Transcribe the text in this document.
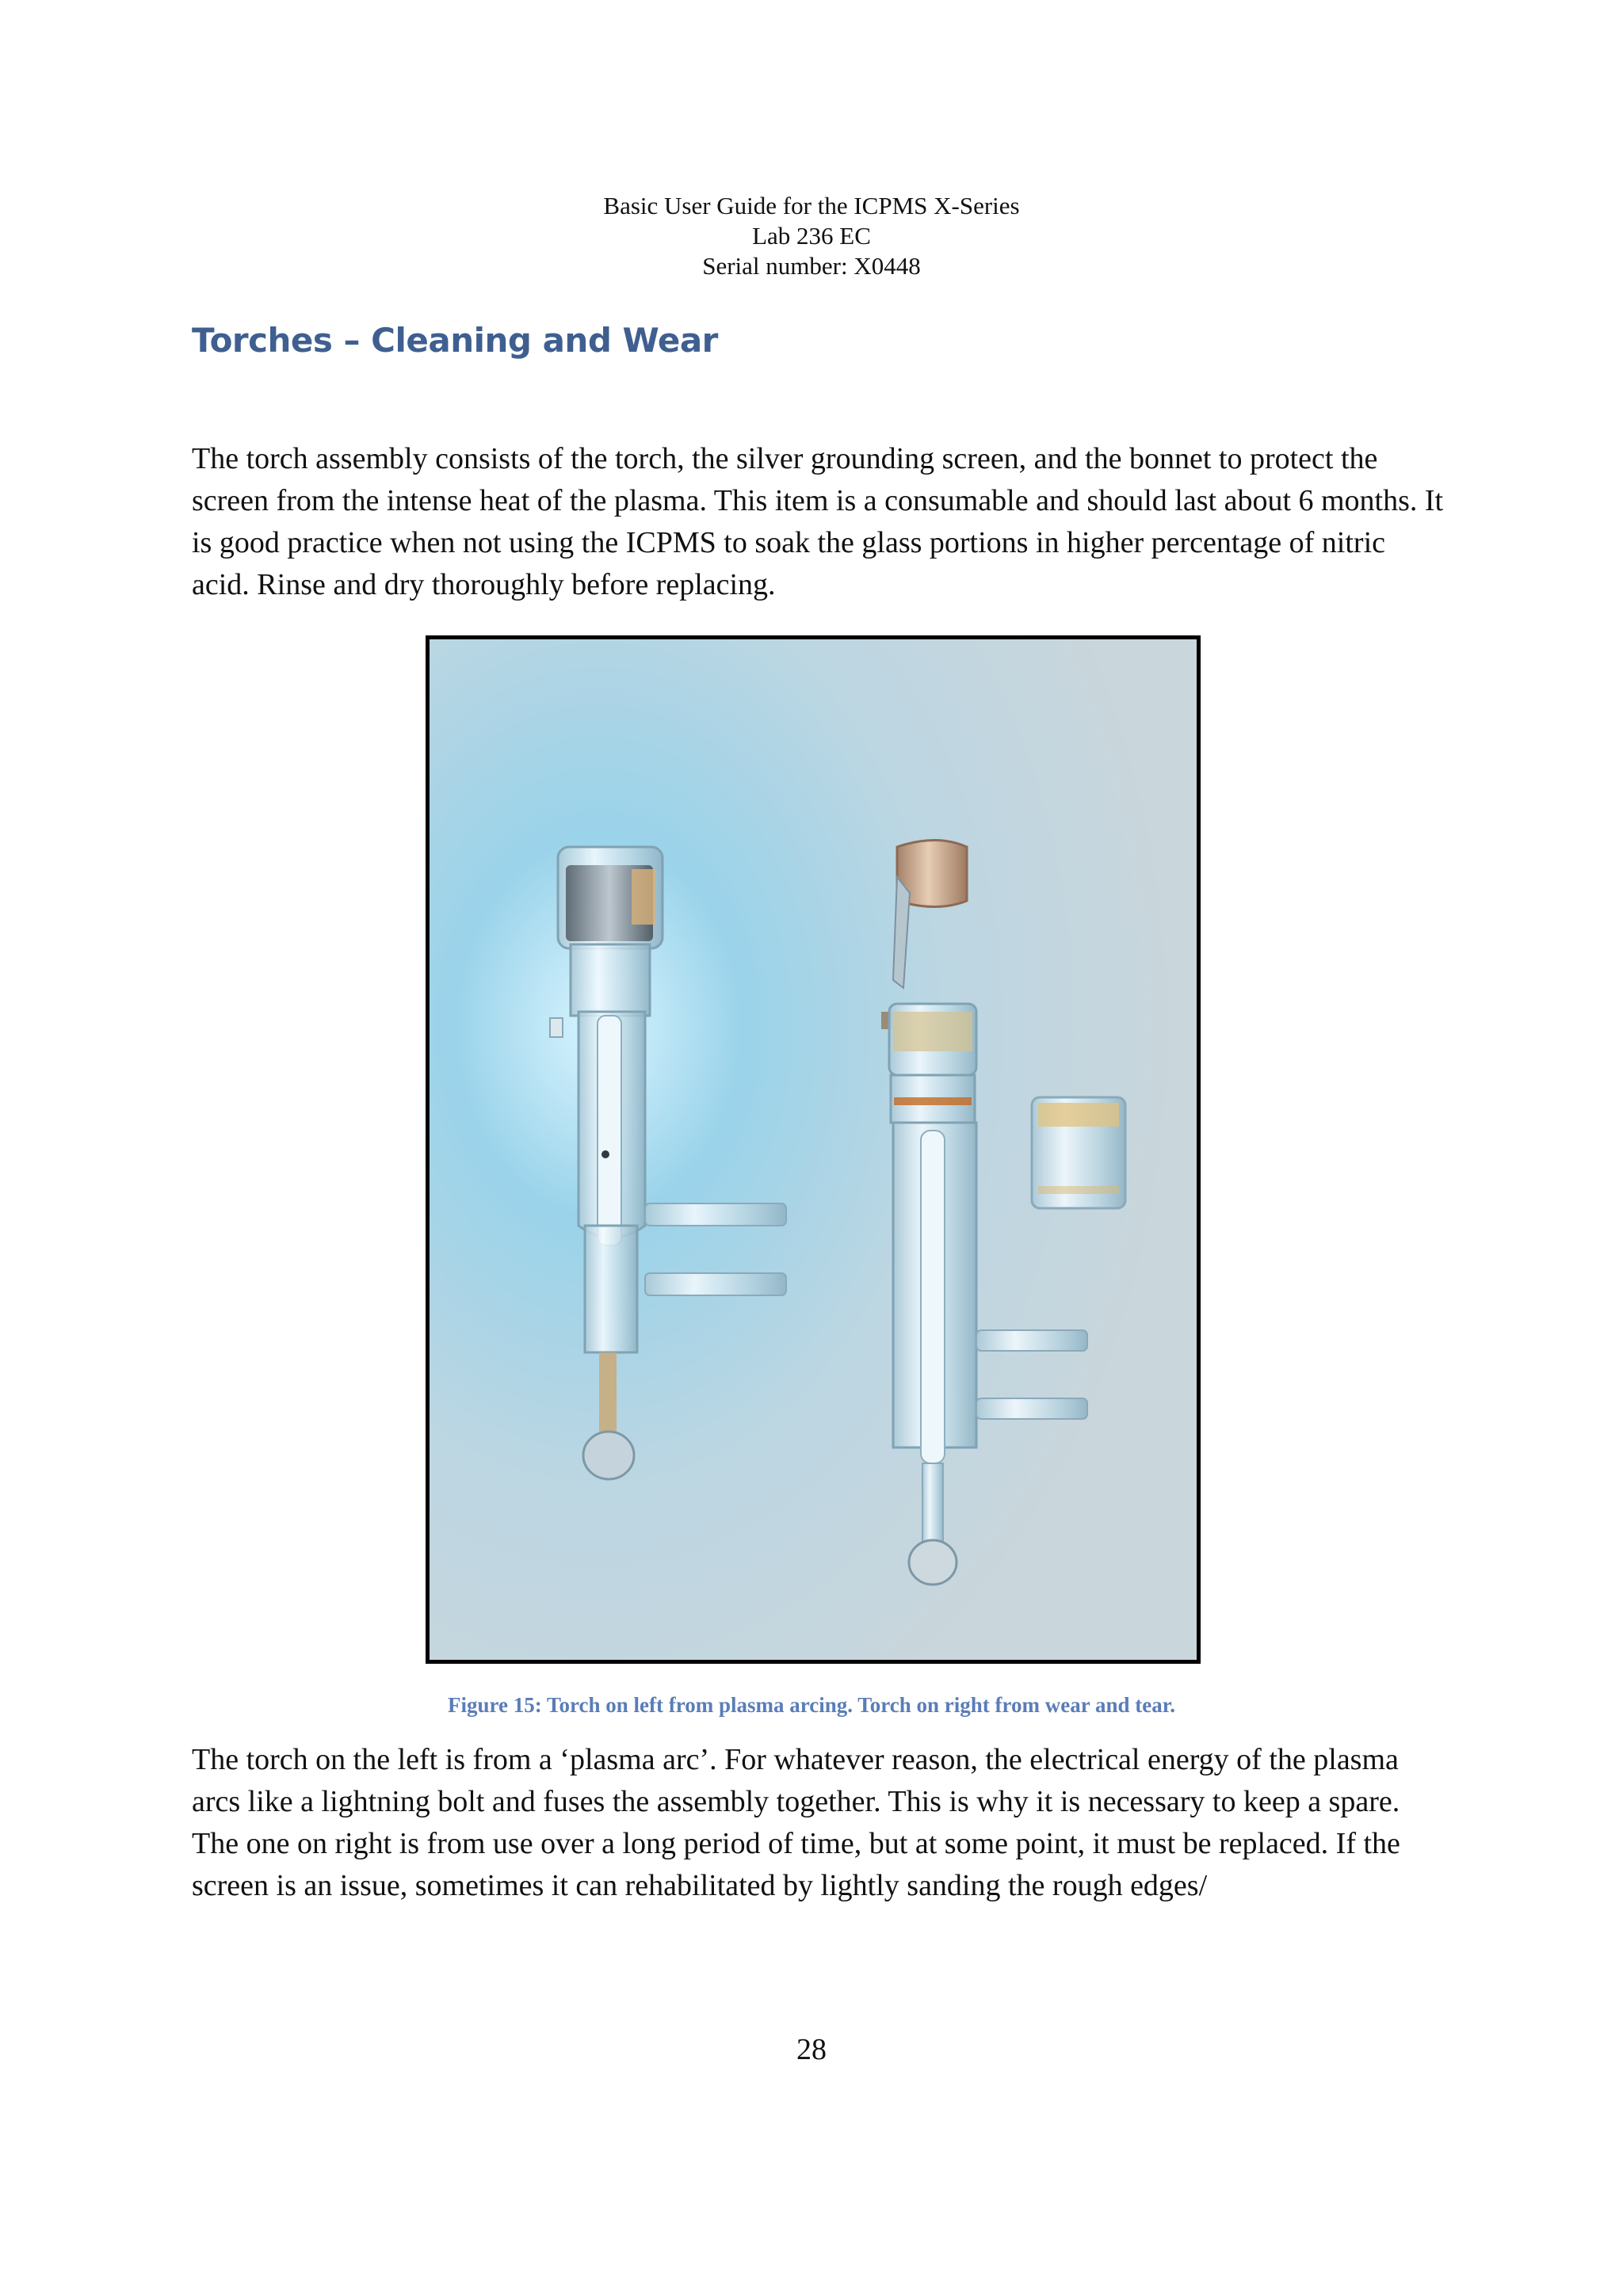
Basic User Guide for the ICPMS X-Series
Lab 236 EC
Serial number: X0448
Torches – Cleaning and Wear

The torch assembly consists of the torch, the silver grounding screen, and the bonnet to protect the screen from the intense heat of the plasma. This item is a consumable and should last about 6 months. It is good practice when not using the ICPMS to soak the glass portions in higher percentage of nitric acid. Rinse and dry thoroughly before replacing.

Figure 15: Torch on left from plasma arcing. Torch on right from wear and tear.

The torch on the left is from a ‘plasma arc’. For whatever reason, the electrical energy of the plasma arcs like a lightning bolt and fuses the assembly together. This is why it is necessary to keep a spare. The one on right is from use over a long period of time, but at some point, it must be replaced. If the screen is an issue, sometimes it can rehabilitated by lightly sanding the rough edges/

28
